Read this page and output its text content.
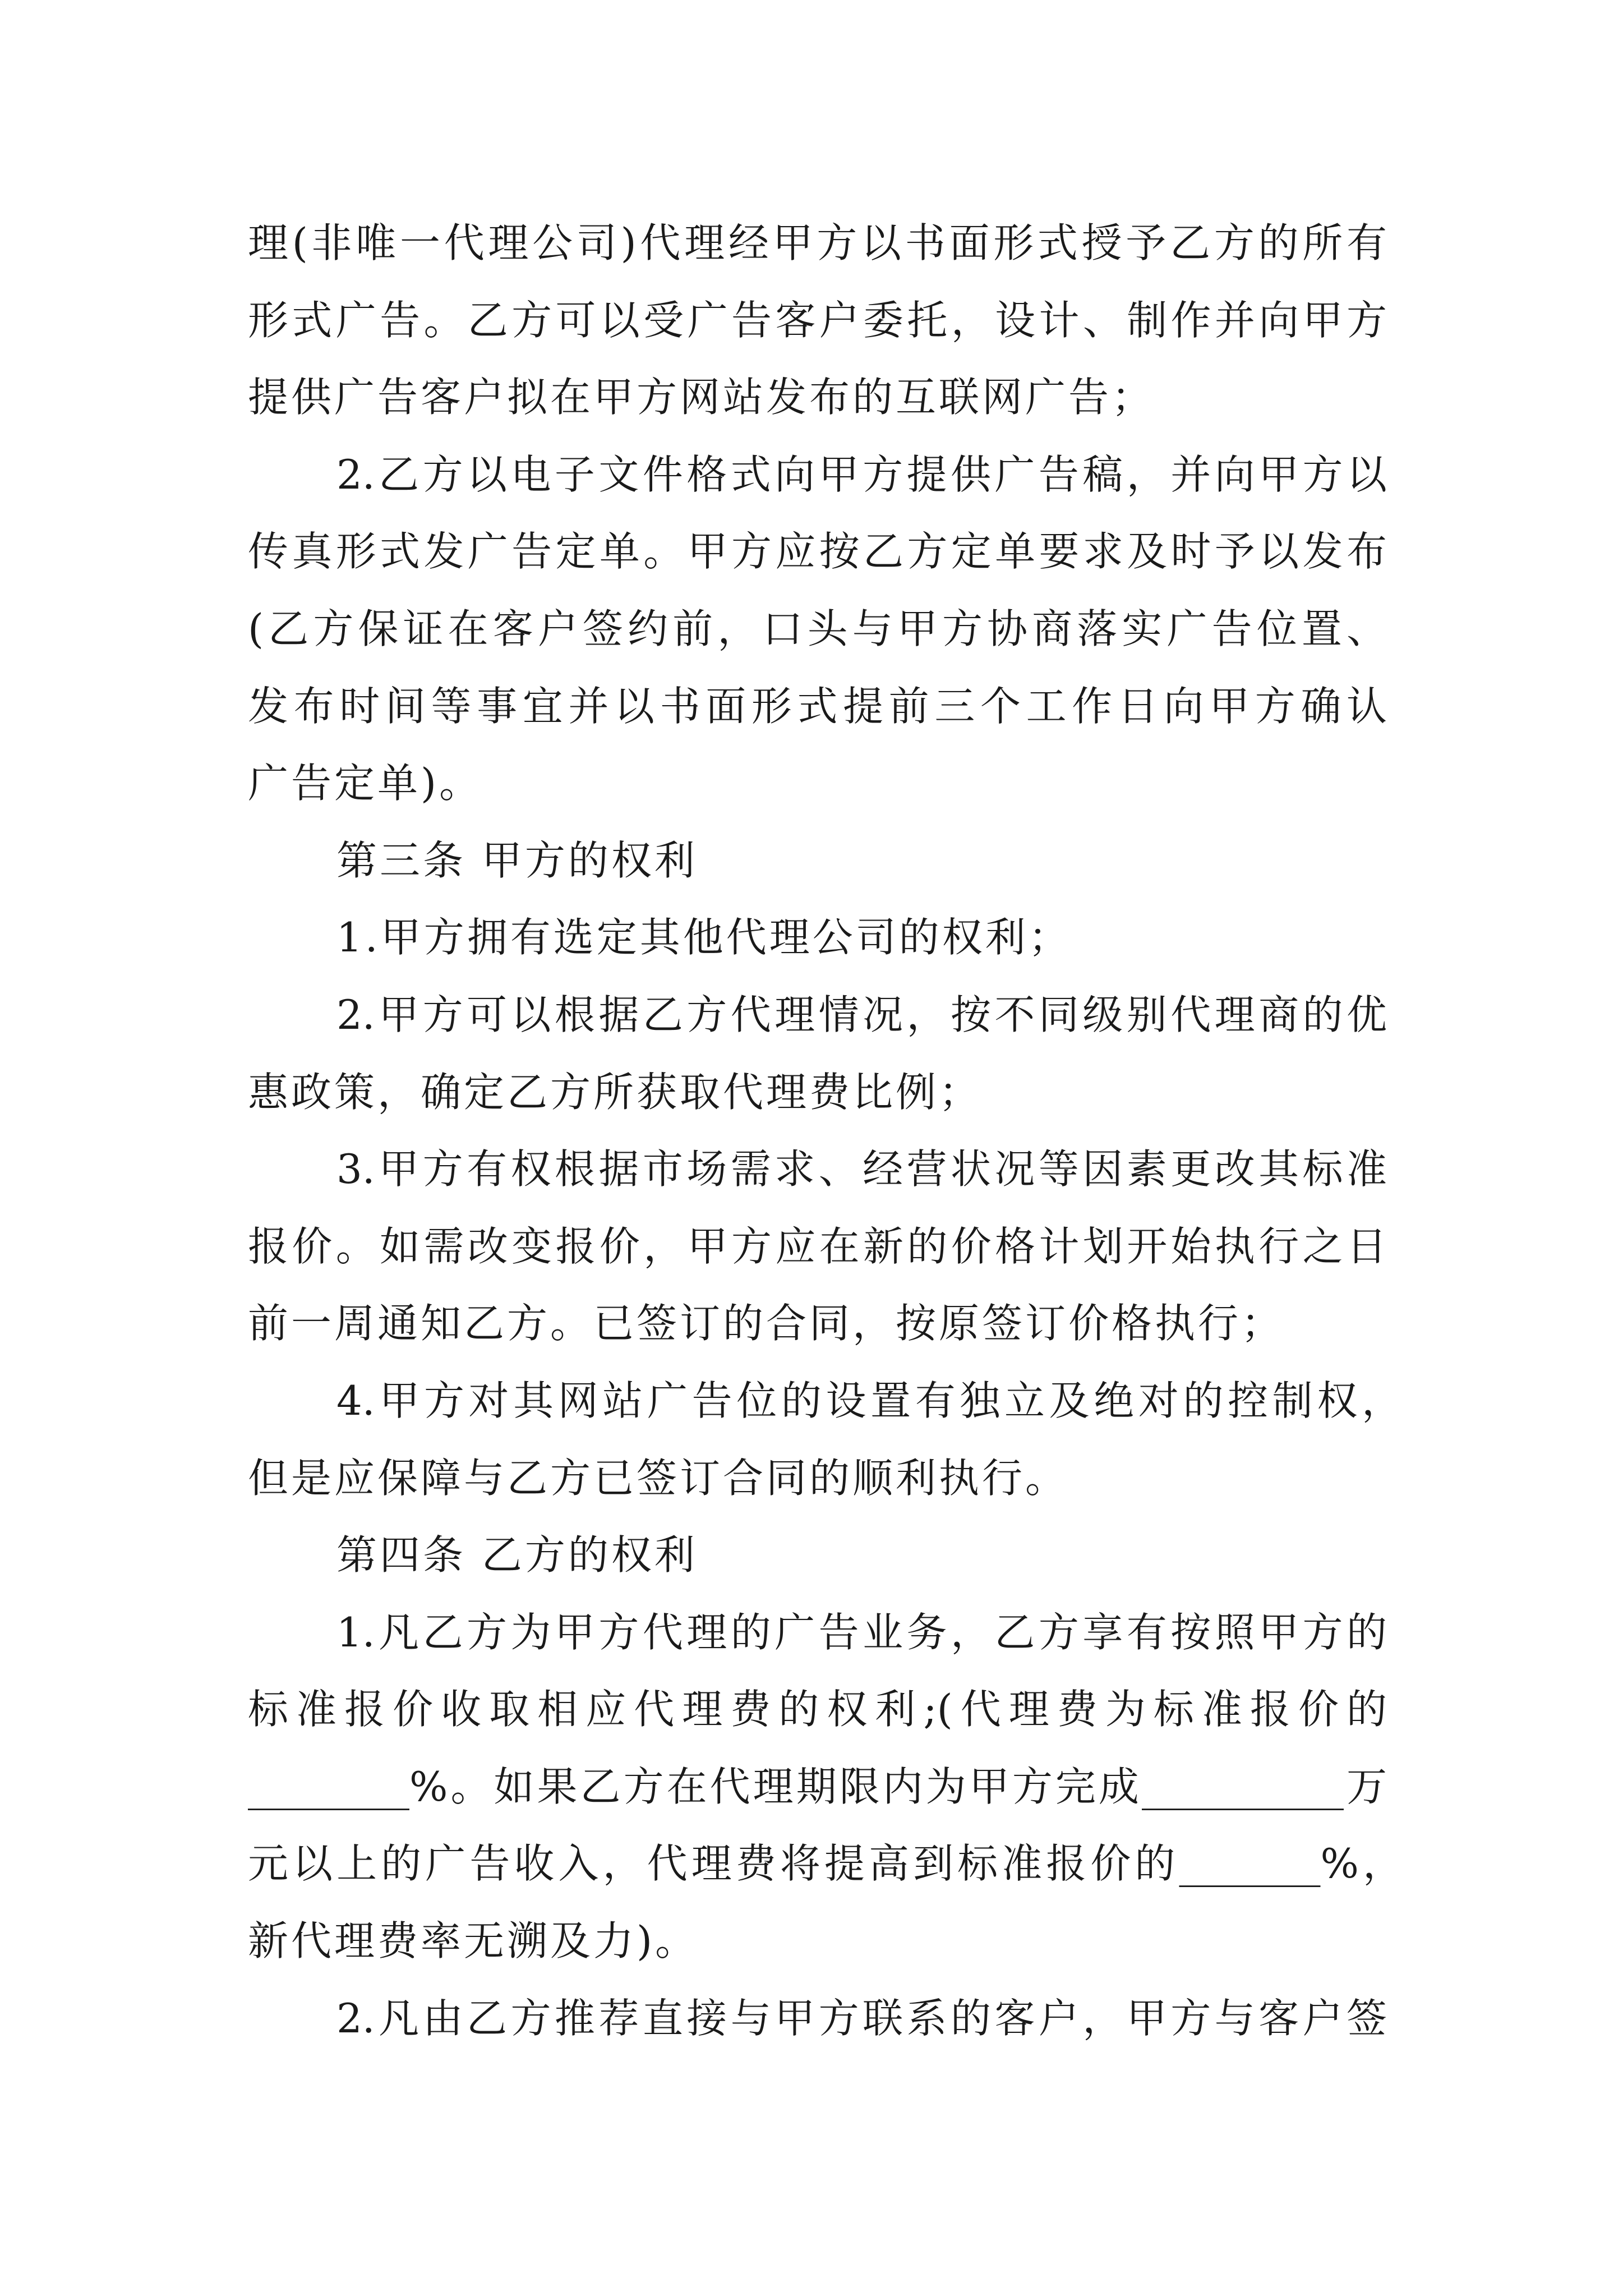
理(非唯一代理公司)代理经甲方以书面形式授予乙方的所有
形式广告。乙方可以受广告客户委托，设计、制作并向甲方
提供广告客户拟在甲方网站发布的互联网广告；
2.乙方以电子文件格式向甲方提供广告稿，并向甲方以
传真形式发广告定单。甲方应按乙方定单要求及时予以发布
(乙方保证在客户签约前，口头与甲方协商落实广告位置、
发布时间等事宜并以书面形式提前三个工作日向甲方确认
广告定单)。
第三条 甲方的权利
1.甲方拥有选定其他代理公司的权利；
2.甲方可以根据乙方代理情况，按不同级别代理商的优
惠政策，确定乙方所获取代理费比例；
3.甲方有权根据市场需求、经营状况等因素更改其标准
报价。如需改变报价，甲方应在新的价格计划开始执行之日
前一周通知乙方。已签订的合同，按原签订价格执行；
4.甲方对其网站广告位的设置有独立及绝对的控制权，
但是应保障与乙方已签订合同的顺利执行。
第四条 乙方的权利
1.凡乙方为甲方代理的广告业务，乙方享有按照甲方的
标准报价收取相应代理费的权利;(代理费为标准报价的
________%。如果乙方在代理期限内为甲方完成__________万
元以上的广告收入，代理费将提高到标准报价的_______%，
新代理费率无溯及力)。
2.凡由乙方推荐直接与甲方联系的客户，甲方与客户签
